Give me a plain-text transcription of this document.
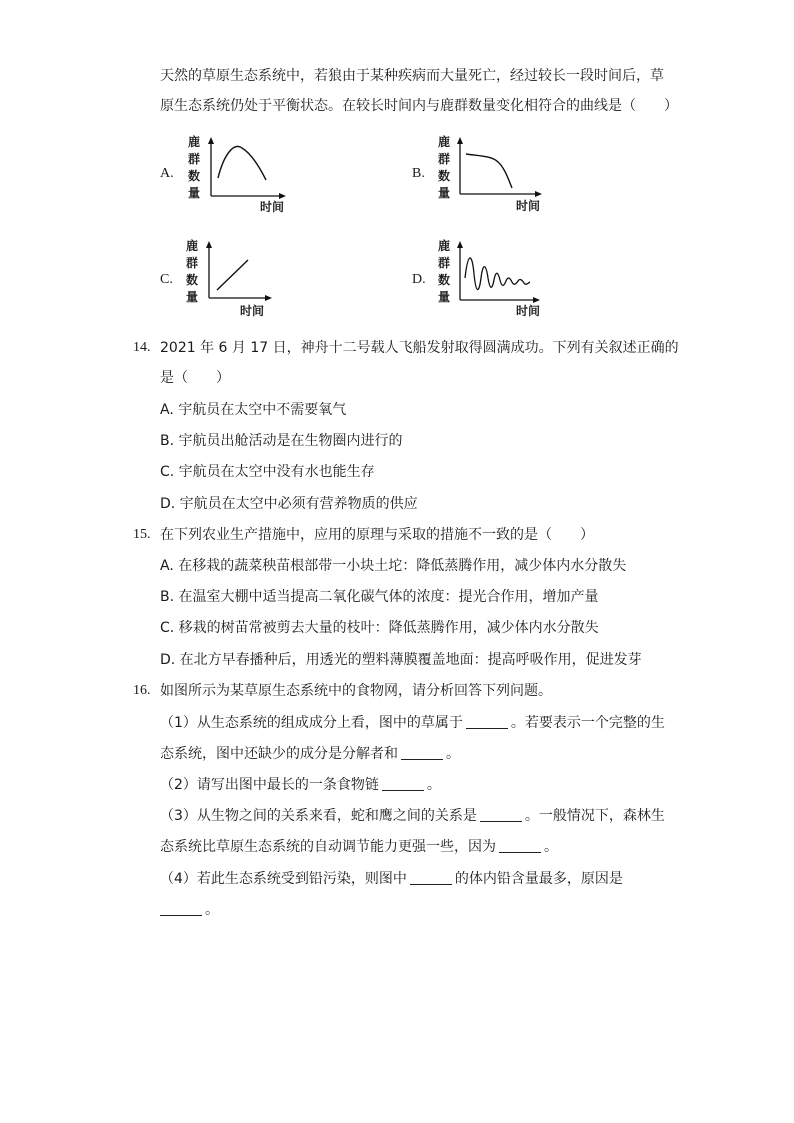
天然的草原生态系统中，若狼由于某种疾病而大量死亡，经过较长一段时间后，草
原生态系统仍处于平衡状态。在较长时间内与鹿群数量变化相符合的曲线是（　　）
A.
鹿
群
数
量
时间
B.
鹿
群
数
量
时间
C.
鹿
群
数
量
时间
D.
鹿
群
数
量
时间
14. 2021 年 6 月 17 日，神舟十二号载人飞船发射取得圆满成功。下列有关叙述正确的
是（　　）
A. 宇航员在太空中不需要氧气
B. 宇航员出舱活动是在生物圈内进行的
C. 宇航员在太空中没有水也能生存
D. 宇航员在太空中必须有营养物质的供应
15. 在下列农业生产措施中，应用的原理与采取的措施不一致的是（　　）
A. 在移栽的蔬菜秧苗根部带一小块土坨：降低蒸腾作用，减少体内水分散失
B. 在温室大棚中适当提高二氧化碳气体的浓度：提光合作用，增加产量
C. 移栽的树苗常被剪去大量的枝叶：降低蒸腾作用，减少体内水分散失
D. 在北方早春播种后，用透光的塑料薄膜覆盖地面：提高呼吸作用，促进发芽
16. 如图所示为某草原生态系统中的食物网，请分析回答下列问题。
（1）从生态系统的组成成分上看，图中的草属于	。若要表示一个完整的生
态系统，图中还缺少的成分是分解者和	。
（2）请写出图中最长的一条食物链	。
（3）从生物之间的关系来看，蛇和鹰之间的关系是	。一般情况下，森林生
态系统比草原生态系统的自动调节能力更强一些，因为	。
（4）若此生态系统受到铅污染，则图中	的体内铅含量最多，原因是
。
